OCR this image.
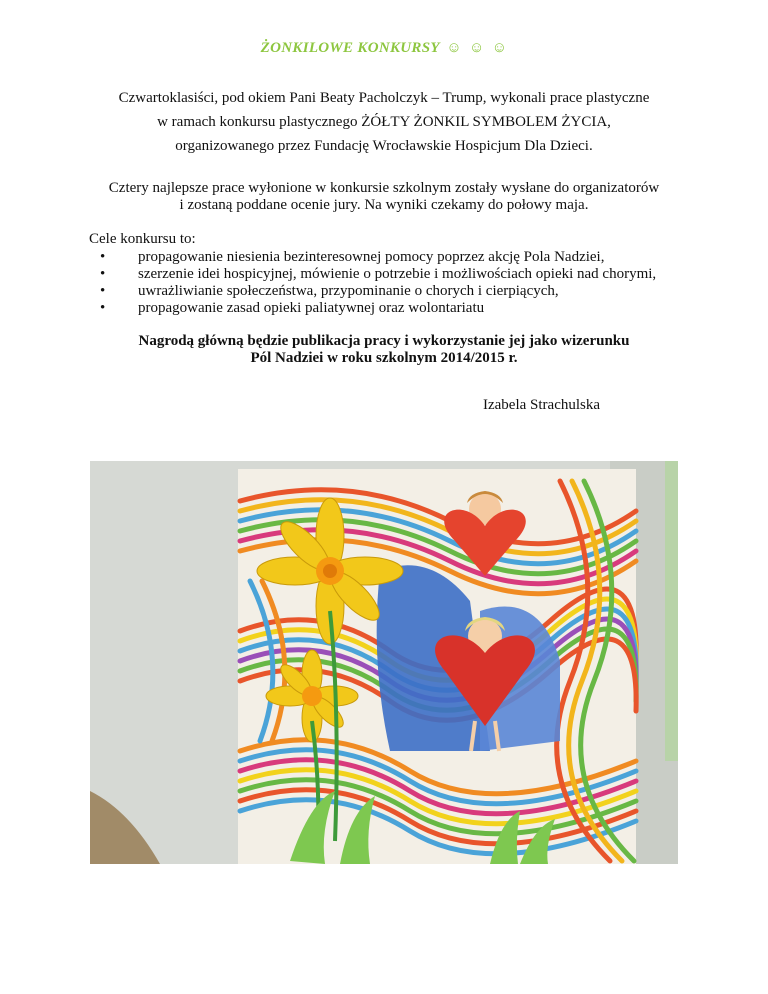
ŻONKILOWE KONKURSY ☺ ☺ ☺
Czwartoklasiści, pod okiem Pani Beaty Pacholczyk – Trump, wykonali prace plastyczne
w ramach konkursu plastycznego ŻÓŁTY ŻONKIL SYMBOLEM ŻYCIA,
organizowanego przez Fundację Wrocławskie Hospicjum Dla Dzieci.
Cztery najlepsze prace wyłonione w konkursie szkolnym zostały wysłane do organizatorów
i zostaną poddane ocenie jury. Na wyniki czekamy do połowy maja.
Cele konkursu to:
• propagowanie niesienia bezinteresownej pomocy poprzez akcję Pola Nadziei,
• szerzenie idei hospicyjnej, mówienie o potrzebie i możliwościach opieki nad chorymi,
• uwrażliwianie społeczeństwa, przypominanie o chorych i cierpiących,
• propagowanie zasad opieki paliatywnej oraz wolontariatu
Nagrodą główną będzie publikacja pracy i wykorzystanie jej jako wizerunku
Pól Nadziei w roku szkolnym 2014/2015 r.
Izabela Strachulska
